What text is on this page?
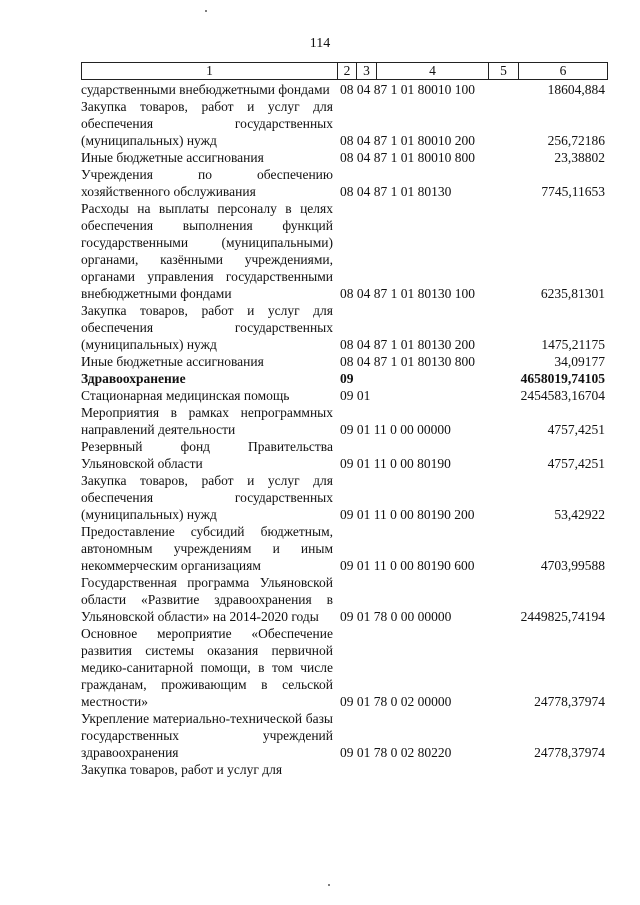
114
1	2 3	4	5	6
сударственными внебюджетными фондами 08 04 87 1 01 80010 100	18604,884
Закупка товаров, работ и услуг для обеспечения государственных (муниципальных) нужд	08 04 87 1 01 80010 200	256,72186
Иные бюджетные ассигнования	08 04 87 1 01 80010 800	23,38802
Учреждения по обеспечению хозяйственного обслуживания	08 04 87 1 01 80130	7745,11653
Расходы на выплаты персоналу в целях обеспечения выполнения функций государственными (муниципальными) органами, казёнными учреждениями, органами управления государственными внебюджетными фондами	08 04 87 1 01 80130 100	6235,81301
Закупка товаров, работ и услуг для обеспечения государственных (муниципальных) нужд	08 04 87 1 01 80130 200	1475,21175
Иные бюджетные ассигнования	08 04 87 1 01 80130 800	34,09177
Здравоохранение	09	4658019,74105
Стационарная медицинская помощь	09 01	2454583,16704
Мероприятия в рамках непрограммных направлений деятельности	09 01 11 0 00 00000	4757,4251
Резервный фонд Правительства Ульяновской области	09 01 11 0 00 80190	4757,4251
Закупка товаров, работ и услуг для обеспечения государственных (муниципальных) нужд	09 01 11 0 00 80190 200	53,42922
Предоставление субсидий бюджетным, автономным учреждениям и иным некоммерческим организациям	09 01 11 0 00 80190 600	4703,99588
Государственная программа Ульяновской области «Развитие здравоохранения в Ульяновской области» на 2014-2020 годы	09 01 78 0 00 00000	2449825,74194
Основное мероприятие «Обеспечение развития системы оказания первичной медико-санитарной помощи, в том числе гражданам, проживающим в сельской местности»	09 01 78 0 02 00000	24778,37974
Укрепление материально-технической базы государственных учреждений здравоохранения	09 01 78 0 02 80220	24778,37974
Закупка товаров, работ и услуг для
